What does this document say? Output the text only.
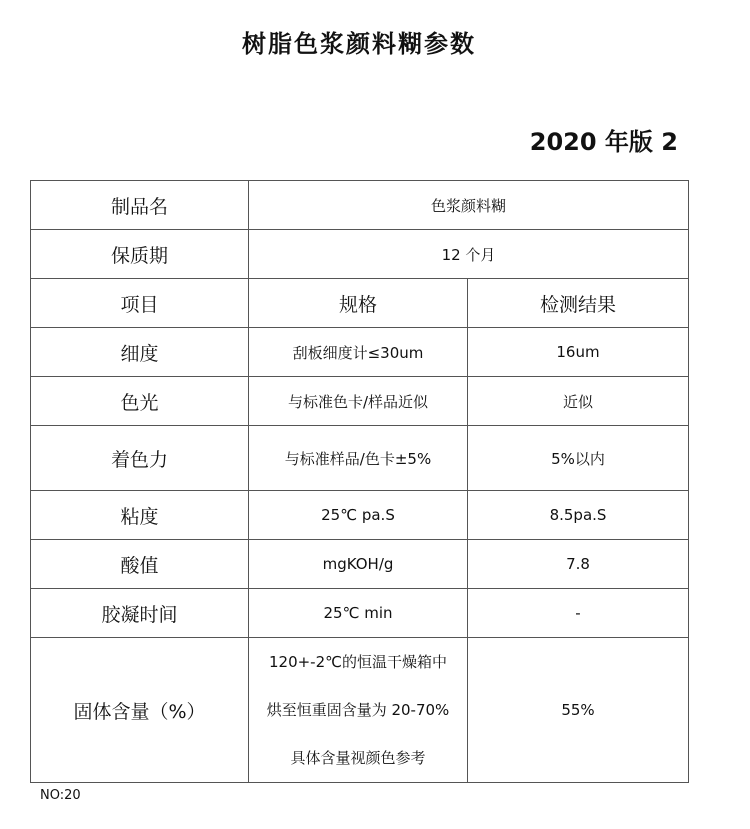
树脂色浆颜料糊参数
2020 年版 2
制品名	色浆颜料糊	
保质期	12 个月	
项目	规格	检测结果
细度	刮板细度计≤30um	16um
色光	与标准色卡/样品近似	近似
着色力	与标准样品/色卡±5%	5%以内
粘度	25℃ pa.S	8.5pa.S
酸值	mgKOH/g	7.8
胶凝时间	25℃ min	-
固体含量（%）	120+-2℃的恒温干燥箱中
烘至恒重固含量为 20-70%
具体含量视颜色参考	55%
NO:20
